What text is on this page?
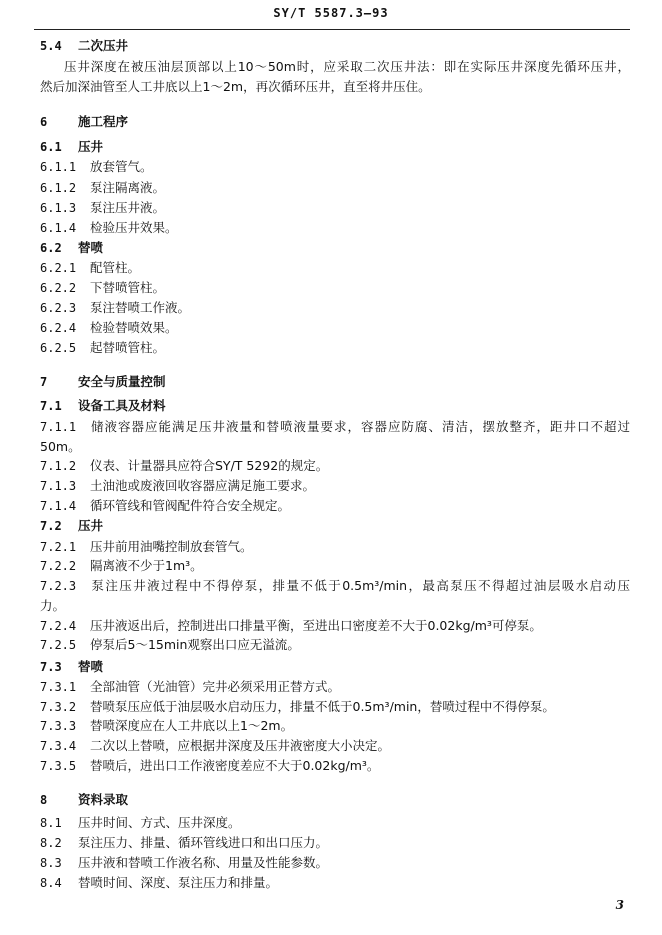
SY/T 5587.3—93
5.4 二次压井
压井深度在被压油层顶部以上10～50m时，应采取二次压井法：即在实际压井深度先循环压井，
然后加深油管至人工井底以上1～2m，再次循环压井，直至将井压住。
6 施工程序
6.1 压井
6.1.1 放套管气。
6.1.2 泵注隔离液。
6.1.3 泵注压井液。
6.1.4 检验压井效果。
6.2 替喷
6.2.1 配管柱。
6.2.2 下替喷管柱。
6.2.3 泵注替喷工作液。
6.2.4 检验替喷效果。
6.2.5 起替喷管柱。
7 安全与质量控制
7.1 设备工具及材料
7.1.1 储液容器应能满足压井液量和替喷液量要求，容器应防腐、清洁，摆放整齐，距井口不超过
50m。
7.1.2 仪表、计量器具应符合SY/T 5292的规定。
7.1.3 土油池或废液回收容器应满足施工要求。
7.1.4 循环管线和管阀配件符合安全规定。
7.2 压井
7.2.1 压井前用油嘴控制放套管气。
7.2.2 隔离液不少于1m³。
7.2.3 泵注压井液过程中不得停泵，排量不低于0.5m³/min，最高泵压不得超过油层吸水启动压
力。
7.2.4 压井液返出后，控制进出口排量平衡，至进出口密度差不大于0.02kg/m³可停泵。
7.2.5 停泵后5～15min观察出口应无溢流。
7.3 替喷
7.3.1 全部油管（光油管）完井必须采用正替方式。
7.3.2 替喷泵压应低于油层吸水启动压力，排量不低于0.5m³/min，替喷过程中不得停泵。
7.3.3 替喷深度应在人工井底以上1～2m。
7.3.4 二次以上替喷，应根据井深度及压井液密度大小决定。
7.3.5 替喷后，进出口工作液密度差应不大于0.02kg/m³。
8 资料录取
8.1 压井时间、方式、压井深度。
8.2 泵注压力、排量、循环管线进口和出口压力。
8.3 压井液和替喷工作液名称、用量及性能参数。
8.4 替喷时间、深度、泵注压力和排量。
3
